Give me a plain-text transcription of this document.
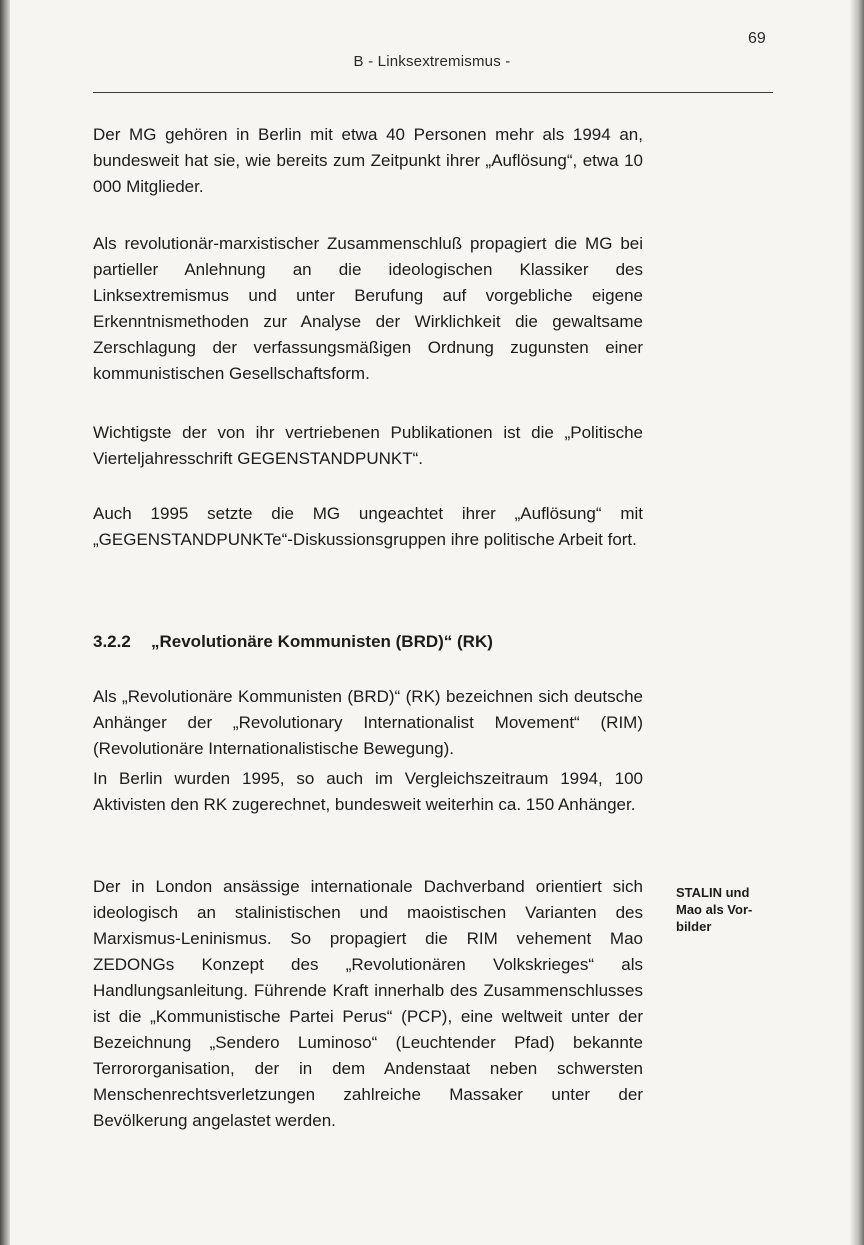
69
B - Linksextremismus -

Der MG gehören in Berlin mit etwa 40 Personen mehr als 1994 an, bundesweit hat sie, wie bereits zum Zeitpunkt ihrer „Auflösung“, etwa 10 000 Mitglieder.

Als revolutionär-marxistischer Zusammenschluß propagiert die MG bei partieller Anlehnung an die ideologischen Klassiker des Linksextremismus und unter Berufung auf vorgebliche eigene Erkenntnismethoden zur Analyse der Wirklichkeit die gewaltsame Zerschlagung der verfassungsmäßigen Ordnung zugunsten einer kommunistischen Gesellschaftsform.

Wichtigste der von ihr vertriebenen Publikationen ist die „Politische Vierteljahresschrift GEGENSTANDPUNKT“.

Auch 1995 setzte die MG ungeachtet ihrer „Auflösung“ mit „GEGENSTANDPUNKTe“-Diskussionsgruppen ihre politische Arbeit fort.

3.2.2 „Revolutionäre Kommunisten (BRD)“ (RK)

Als „Revolutionäre Kommunisten (BRD)“ (RK) bezeichnen sich deutsche Anhänger der „Revolutionary Internationalist Movement“ (RIM) (Revolutionäre Internationalistische Bewegung).

In Berlin wurden 1995, so auch im Vergleichszeitraum 1994, 100 Aktivisten den RK zugerechnet, bundesweit weiterhin ca. 150 Anhänger.

Der in London ansässige internationale Dachverband orientiert sich ideologisch an stalinistischen und maoistischen Varianten des Marxismus-Leninismus. So propagiert die RIM vehement Mao ZEDONGs Konzept des „Revolutionären Volkskrieges“ als Handlungsanleitung. Führende Kraft innerhalb des Zusammenschlusses ist die „Kommunistische Partei Perus“ (PCP), eine weltweit unter der Bezeichnung „Sendero Luminoso“ (Leuchtender Pfad) bekannte Terrororganisation, der in dem Andenstaat neben schwersten Menschenrechtsverletzungen zahlreiche Massaker unter der Bevölkerung angelastet werden.

STALIN und Mao als Vorbilder
